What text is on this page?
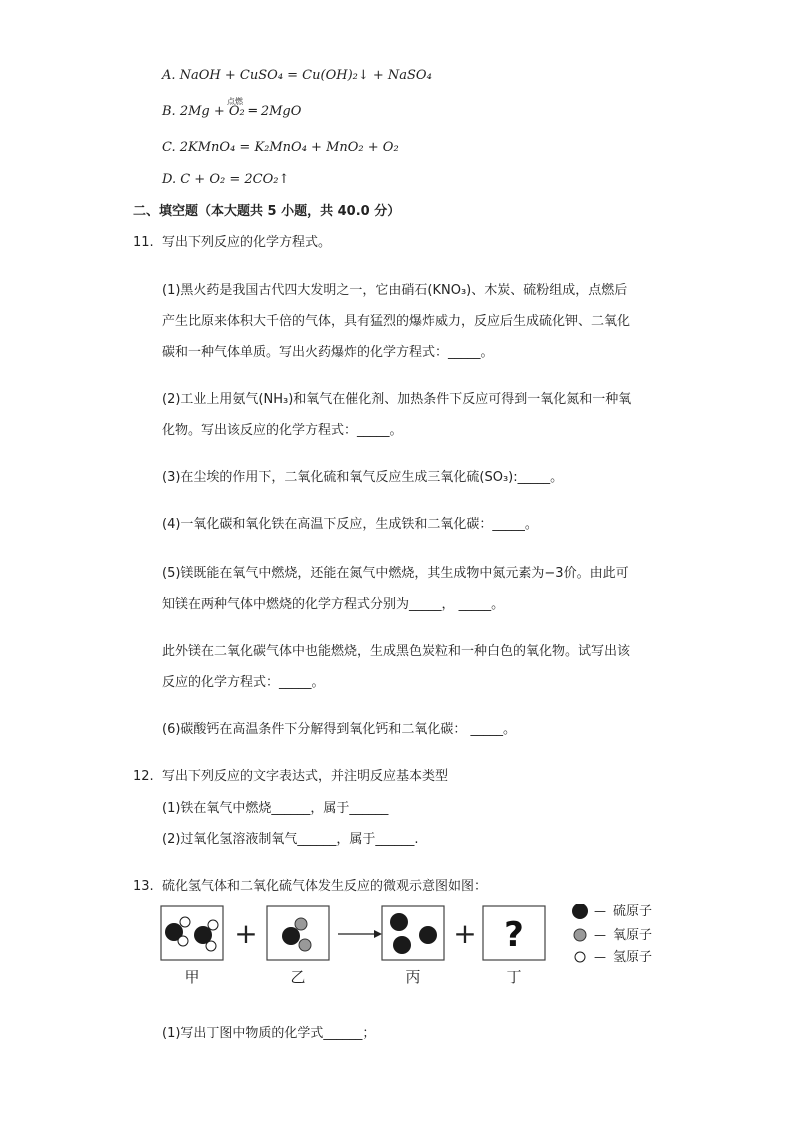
A. NaOH + CuSO₄ = Cu(OH)₂↓ + NaSO₄
B. 2Mg + O₂ ═ 2MgO
点燃
C. 2KMnO₄ = K₂MnO₄ + MnO₂ + O₂
D. C + O₂ = 2CO₂↑
二、填空题（本大题共 5 小题，共 40.0 分）
11. 写出下列反应的化学方程式。
(1)黑火药是我国古代四大发明之一，它由硝石(KNO₃)、木炭、硫粉组成，点燃后
产生比原来体积大千倍的气体，具有猛烈的爆炸威力，反应后生成硫化钾、二氧化
碳和一种气体单质。写出火药爆炸的化学方程式：_____。
(2)工业上用氨气(NH₃)和氧气在催化剂、加热条件下反应可得到一氧化氮和一种氧
化物。写出该反应的化学方程式：_____。
(3)在尘埃的作用下，二氧化硫和氧气反应生成三氧化硫(SO₃):_____。
(4)一氧化碳和氧化铁在高温下反应，生成铁和二氧化碳：_____。
(5)镁既能在氧气中燃烧，还能在氮气中燃烧，其生成物中氮元素为−3价。由此可
知镁在两种气体中燃烧的化学方程式分别为_____， _____。
此外镁在二氧化碳气体中也能燃烧，生成黑色炭粒和一种白色的氧化物。试写出该
反应的化学方程式：_____。
(6)碳酸钙在高温条件下分解得到氧化钙和二氧化碳： _____。
12. 写出下列反应的文字表达式，并注明反应基本类型
(1)铁在氧气中燃烧______，属于______
(2)过氧化氢溶液制氧气______，属于______.
13. 硫化氢气体和二氧化硫气体发生反应的微观示意图如图：
甲
+
乙	丙
+ ?
丁
— 硫原子
— 氧原子
— 氢原子
(1)写出丁图中物质的化学式______；
